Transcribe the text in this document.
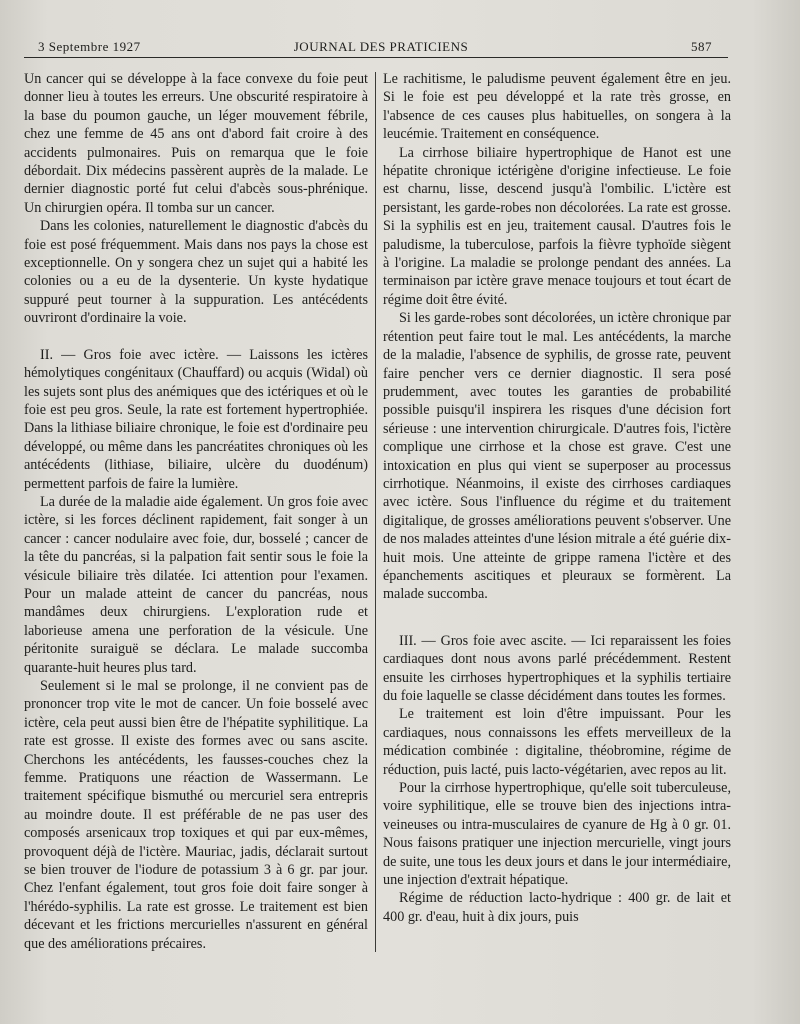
3 Septembre 1927	JOURNAL DES PRATICIENS	587

Un cancer qui se développe à la face convexe du foie peut donner lieu à toutes les erreurs. Une obscurité respiratoire à la base du poumon gauche, un léger mouvement fébrile, chez une femme de 45 ans ont d'abord fait croire à des accidents pulmonaires. Puis on remarqua que le foie débordait. Dix médecins passèrent auprès de la malade. Le dernier diagnostic porté fut celui d'abcès sous-phrénique. Un chirurgien opéra. Il tomba sur un cancer.

Dans les colonies, naturellement le diagnostic d'abcès du foie est posé fréquemment. Mais dans nos pays la chose est exceptionnelle. On y songera chez un sujet qui a habité les colonies ou a eu de la dysenterie. Un kyste hydatique suppuré peut tourner à la suppuration. Les antécédents ouvriront d'ordinaire la voie.

II. — Gros foie avec ictère. — Laissons les ictères hémolytiques congénitaux (Chauffard) ou acquis (Widal) où les sujets sont plus des anémiques que des ictériques et où le foie est peu gros. Seule, la rate est fortement hypertrophiée. Dans la lithiase biliaire chronique, le foie est d'ordinaire peu développé, ou même dans les pancréatites chroniques où les antécédents (lithiase, biliaire, ulcère du duodénum) permettent parfois de faire la lumière.

La durée de la maladie aide également. Un gros foie avec ictère, si les forces déclinent rapidement, fait songer à un cancer : cancer nodulaire avec foie, dur, bosselé ; cancer de la tête du pancréas, si la palpation fait sentir sous le foie la vésicule biliaire très dilatée. Ici attention pour l'examen. Pour un malade atteint de cancer du pancréas, nous mandâmes deux chirurgiens. L'exploration rude et laborieuse amena une perforation de la vésicule. Une péritonite suraiguë se déclara. Le malade succomba quarante-huit heures plus tard.

Seulement si le mal se prolonge, il ne convient pas de prononcer trop vite le mot de cancer. Un foie bosselé avec ictère, cela peut aussi bien être de l'hépatite syphilitique. La rate est grosse. Il existe des formes avec ou sans ascite. Cherchons les antécédents, les fausses-couches chez la femme. Pratiquons une réaction de Wassermann. Le traitement spécifique bismuthé ou mercuriel sera entrepris au moindre doute. Il est préférable de ne pas user des composés arsenicaux trop toxiques et qui par eux-mêmes, provoquent déjà de l'ictère. Mauriac, jadis, déclarait surtout se bien trouver de l'iodure de potassium 3 à 6 gr. par jour. Chez l'enfant également, tout gros foie doit faire songer à l'hérédo-syphilis. La rate est grosse. Le traitement est bien décevant et les frictions mercurielles n'assurent en général que des améliorations précaires.

Le rachitisme, le paludisme peuvent également être en jeu. Si le foie est peu développé et la rate très grosse, en l'absence de ces causes plus habituelles, on songera à la leucémie. Traitement en conséquence.

La cirrhose biliaire hypertrophique de Hanot est une hépatite chronique ictérigène d'origine infectieuse. Le foie est charnu, lisse, descend jusqu'à l'ombilic. L'ictère est persistant, les garde-robes non décolorées. La rate est grosse. Si la syphilis est en jeu, traitement causal. D'autres fois le paludisme, la tuberculose, parfois la fièvre typhoïde siègent à l'origine. La maladie se prolonge pendant des années. La terminaison par ictère grave menace toujours et tout écart de régime doit être évité.

Si les garde-robes sont décolorées, un ictère chronique par rétention peut faire tout le mal. Les antécédents, la marche de la maladie, l'absence de syphilis, de grosse rate, peuvent faire pencher vers ce dernier diagnostic. Il sera posé prudemment, avec toutes les garanties de probabilité possible puisqu'il inspirera les risques d'une décision fort sérieuse : une intervention chirurgicale. D'autres fois, l'ictère complique une cirrhose et la chose est grave. C'est une intoxication en plus qui vient se superposer au processus cirrhotique. Néanmoins, il existe des cirrhoses cardiaques avec ictère. Sous l'influence du régime et du traitement digitalique, de grosses améliorations peuvent s'observer. Une de nos malades atteintes d'une lésion mitrale a été guérie dix-huit mois. Une atteinte de grippe ramena l'ictère et des épanchements ascitiques et pleuraux se formèrent. La malade succomba.

III. — Gros foie avec ascite. — Ici reparaissent les foies cardiaques dont nous avons parlé précédemment. Restent ensuite les cirrhoses hypertrophiques et la syphilis tertiaire du foie laquelle se classe décidément dans toutes les formes.

Le traitement est loin d'être impuissant. Pour les cardiaques, nous connaissons les effets merveilleux de la médication combinée : digitaline, théobromine, régime de réduction, puis lacté, puis lacto-végétarien, avec repos au lit.

Pour la cirrhose hypertrophique, qu'elle soit tuberculeuse, voire syphilitique, elle se trouve bien des injections intra-veineuses ou intra-musculaires de cyanure de Hg à 0 gr. 01. Nous faisons pratiquer une injection mercurielle, vingt jours de suite, une tous les deux jours et dans le jour intermédiaire, une injection d'extrait hépatique.

Régime de réduction lacto-hydrique : 400 gr. de lait et 400 gr. d'eau, huit à dix jours, puis
